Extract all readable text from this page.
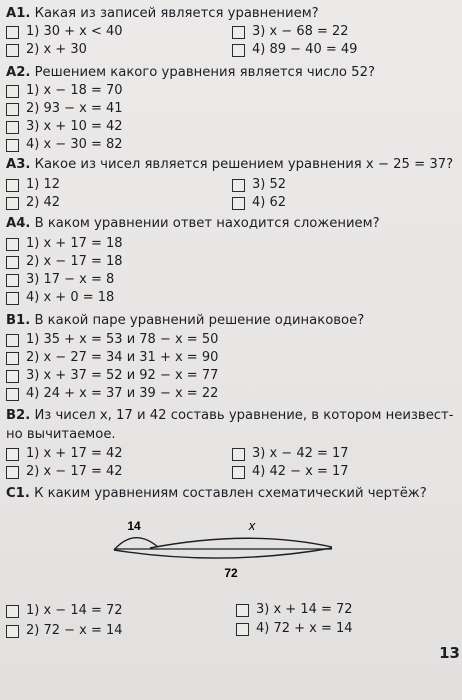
А1. Какая из записей является уравнением?
1) 30 + x < 40	3) x − 68 = 22
2) x + 30	4) 89 − 40 = 49
А2. Решением какого уравнения является число 52?
1) x − 18 = 70
2) 93 − x = 41
3) x + 10 = 42
4) x − 30 = 82
А3. Какое из чисел является решением уравнения x − 25 = 37?
1) 12	3) 52
2) 42	4) 62
А4. В каком уравнении ответ находится сложением?
1) x + 17 = 18
2) x − 17 = 18
3) 17 − x = 8
4) x + 0 = 18
В1. В какой паре уравнений решение одинаковое?
1) 35 + x = 53 и 78 − x = 50
2) x − 27 = 34 и 31 + x = 90
3) x + 37 = 52 и 92 − x = 77
4) 24 + x = 37 и 39 − x = 22
В2. Из чисел x, 17 и 42 составь уравнение, в котором неизвест-
но вычитаемое.
1) x + 17 = 42	3) x − 42 = 17
2) x − 17 = 42	4) 42 − x = 17
С1. К каким уравнениям составлен схематический чертёж?
14	x
72
1) x − 14 = 72	3) x + 14 = 72
2) 72 − x = 14	4) 72 + x = 14
13
